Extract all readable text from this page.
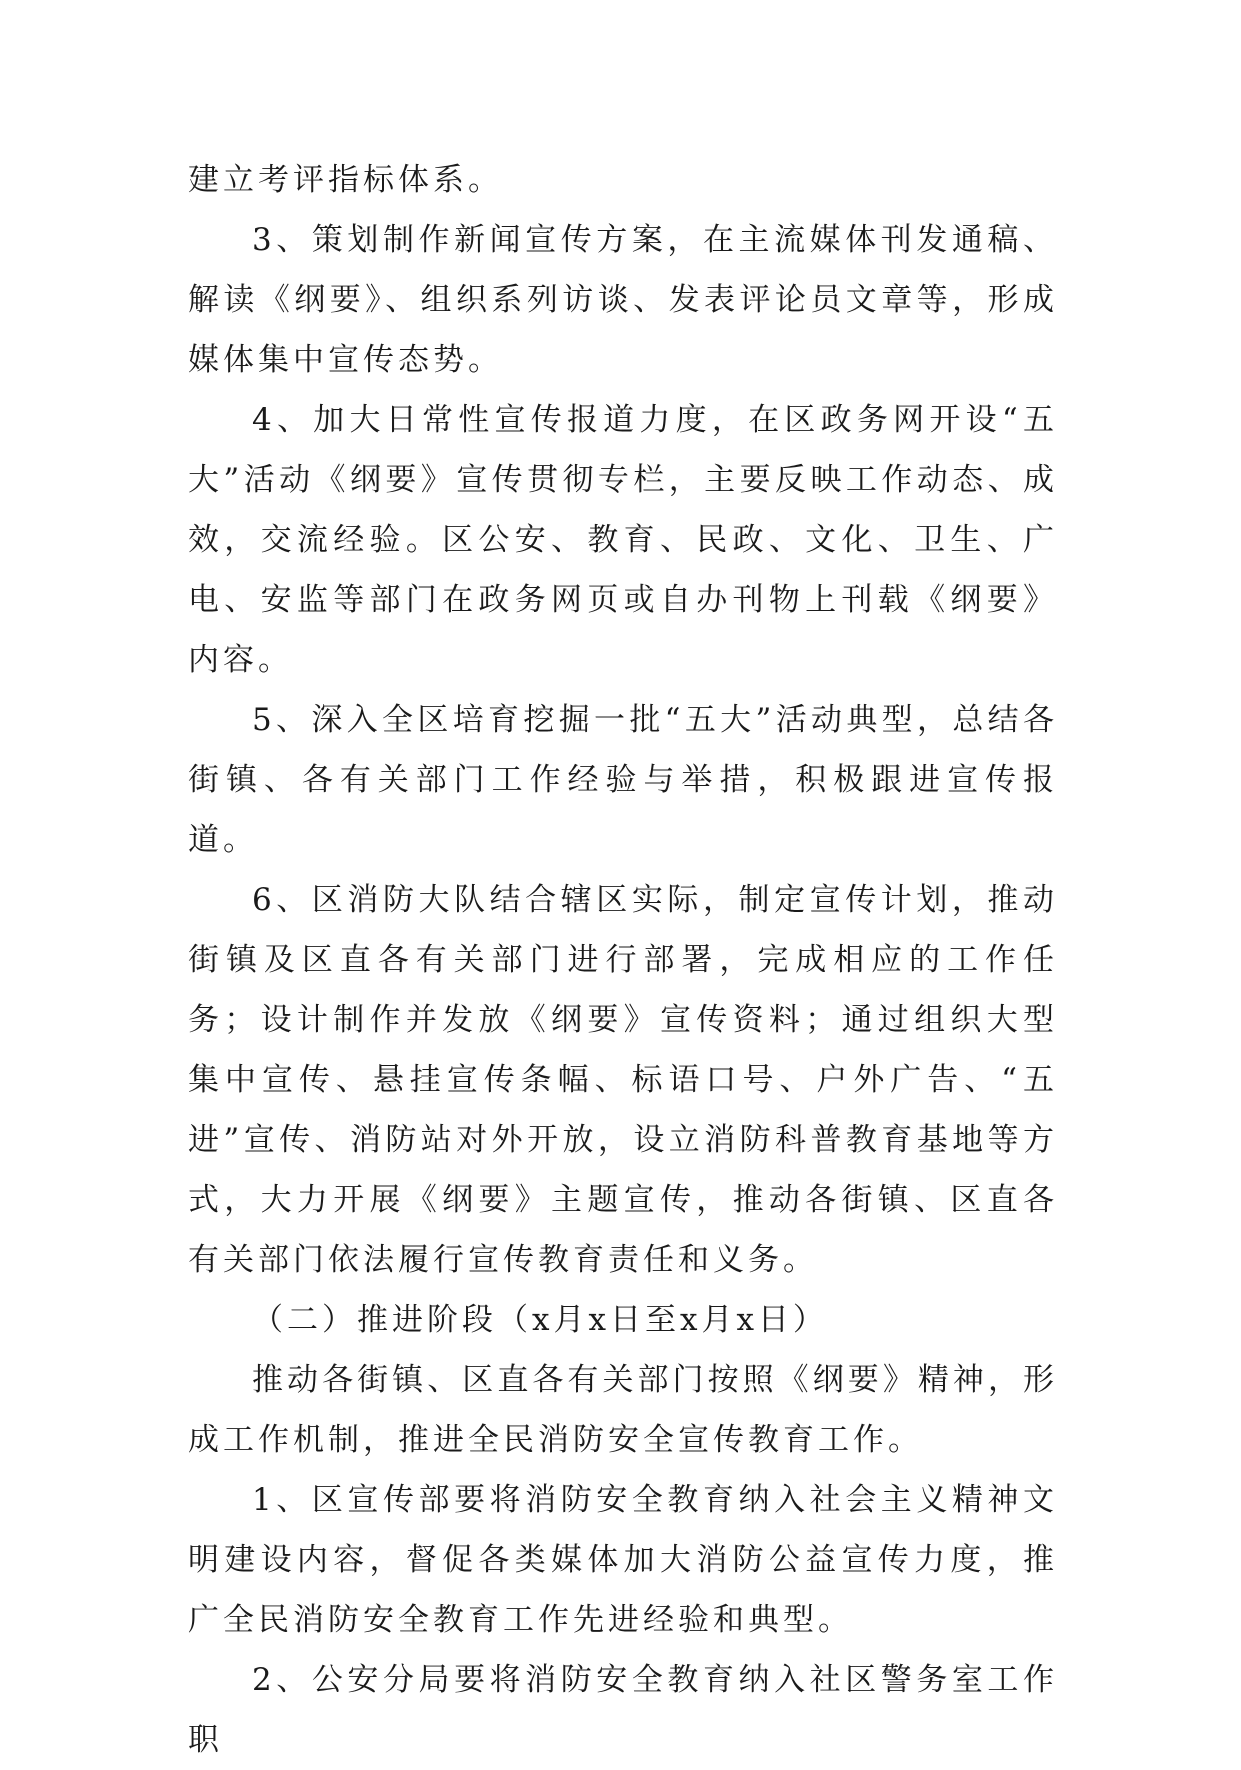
建立考评指标体系。

3、策划制作新闻宣传方案，在主流媒体刊发通稿、解读《纲要》、组织系列访谈、发表评论员文章等，形成媒体集中宣传态势。

4、加大日常性宣传报道力度，在区政务网开设“五大”活动《纲要》宣传贯彻专栏，主要反映工作动态、成效，交流经验。区公安、教育、民政、文化、卫生、广电、安监等部门在政务网页或自办刊物上刊载《纲要》内容。

5、深入全区培育挖掘一批“五大”活动典型，总结各街镇、各有关部门工作经验与举措，积极跟进宣传报道。

6、区消防大队结合辖区实际，制定宣传计划，推动街镇及区直各有关部门进行部署，完成相应的工作任务；设计制作并发放《纲要》宣传资料；通过组织大型集中宣传、悬挂宣传条幅、标语口号、户外广告、“五进”宣传、消防站对外开放，设立消防科普教育基地等方式，大力开展《纲要》主题宣传，推动各街镇、区直各有关部门依法履行宣传教育责任和义务。

（二）推进阶段（x月x日至x月x日）

推动各街镇、区直各有关部门按照《纲要》精神，形成工作机制，推进全民消防安全宣传教育工作。

1、区宣传部要将消防安全教育纳入社会主义精神文明建设内容，督促各类媒体加大消防公益宣传力度，推广全民消防安全教育工作先进经验和典型。

2、公安分局要将消防安全教育纳入社区警务室工作职
